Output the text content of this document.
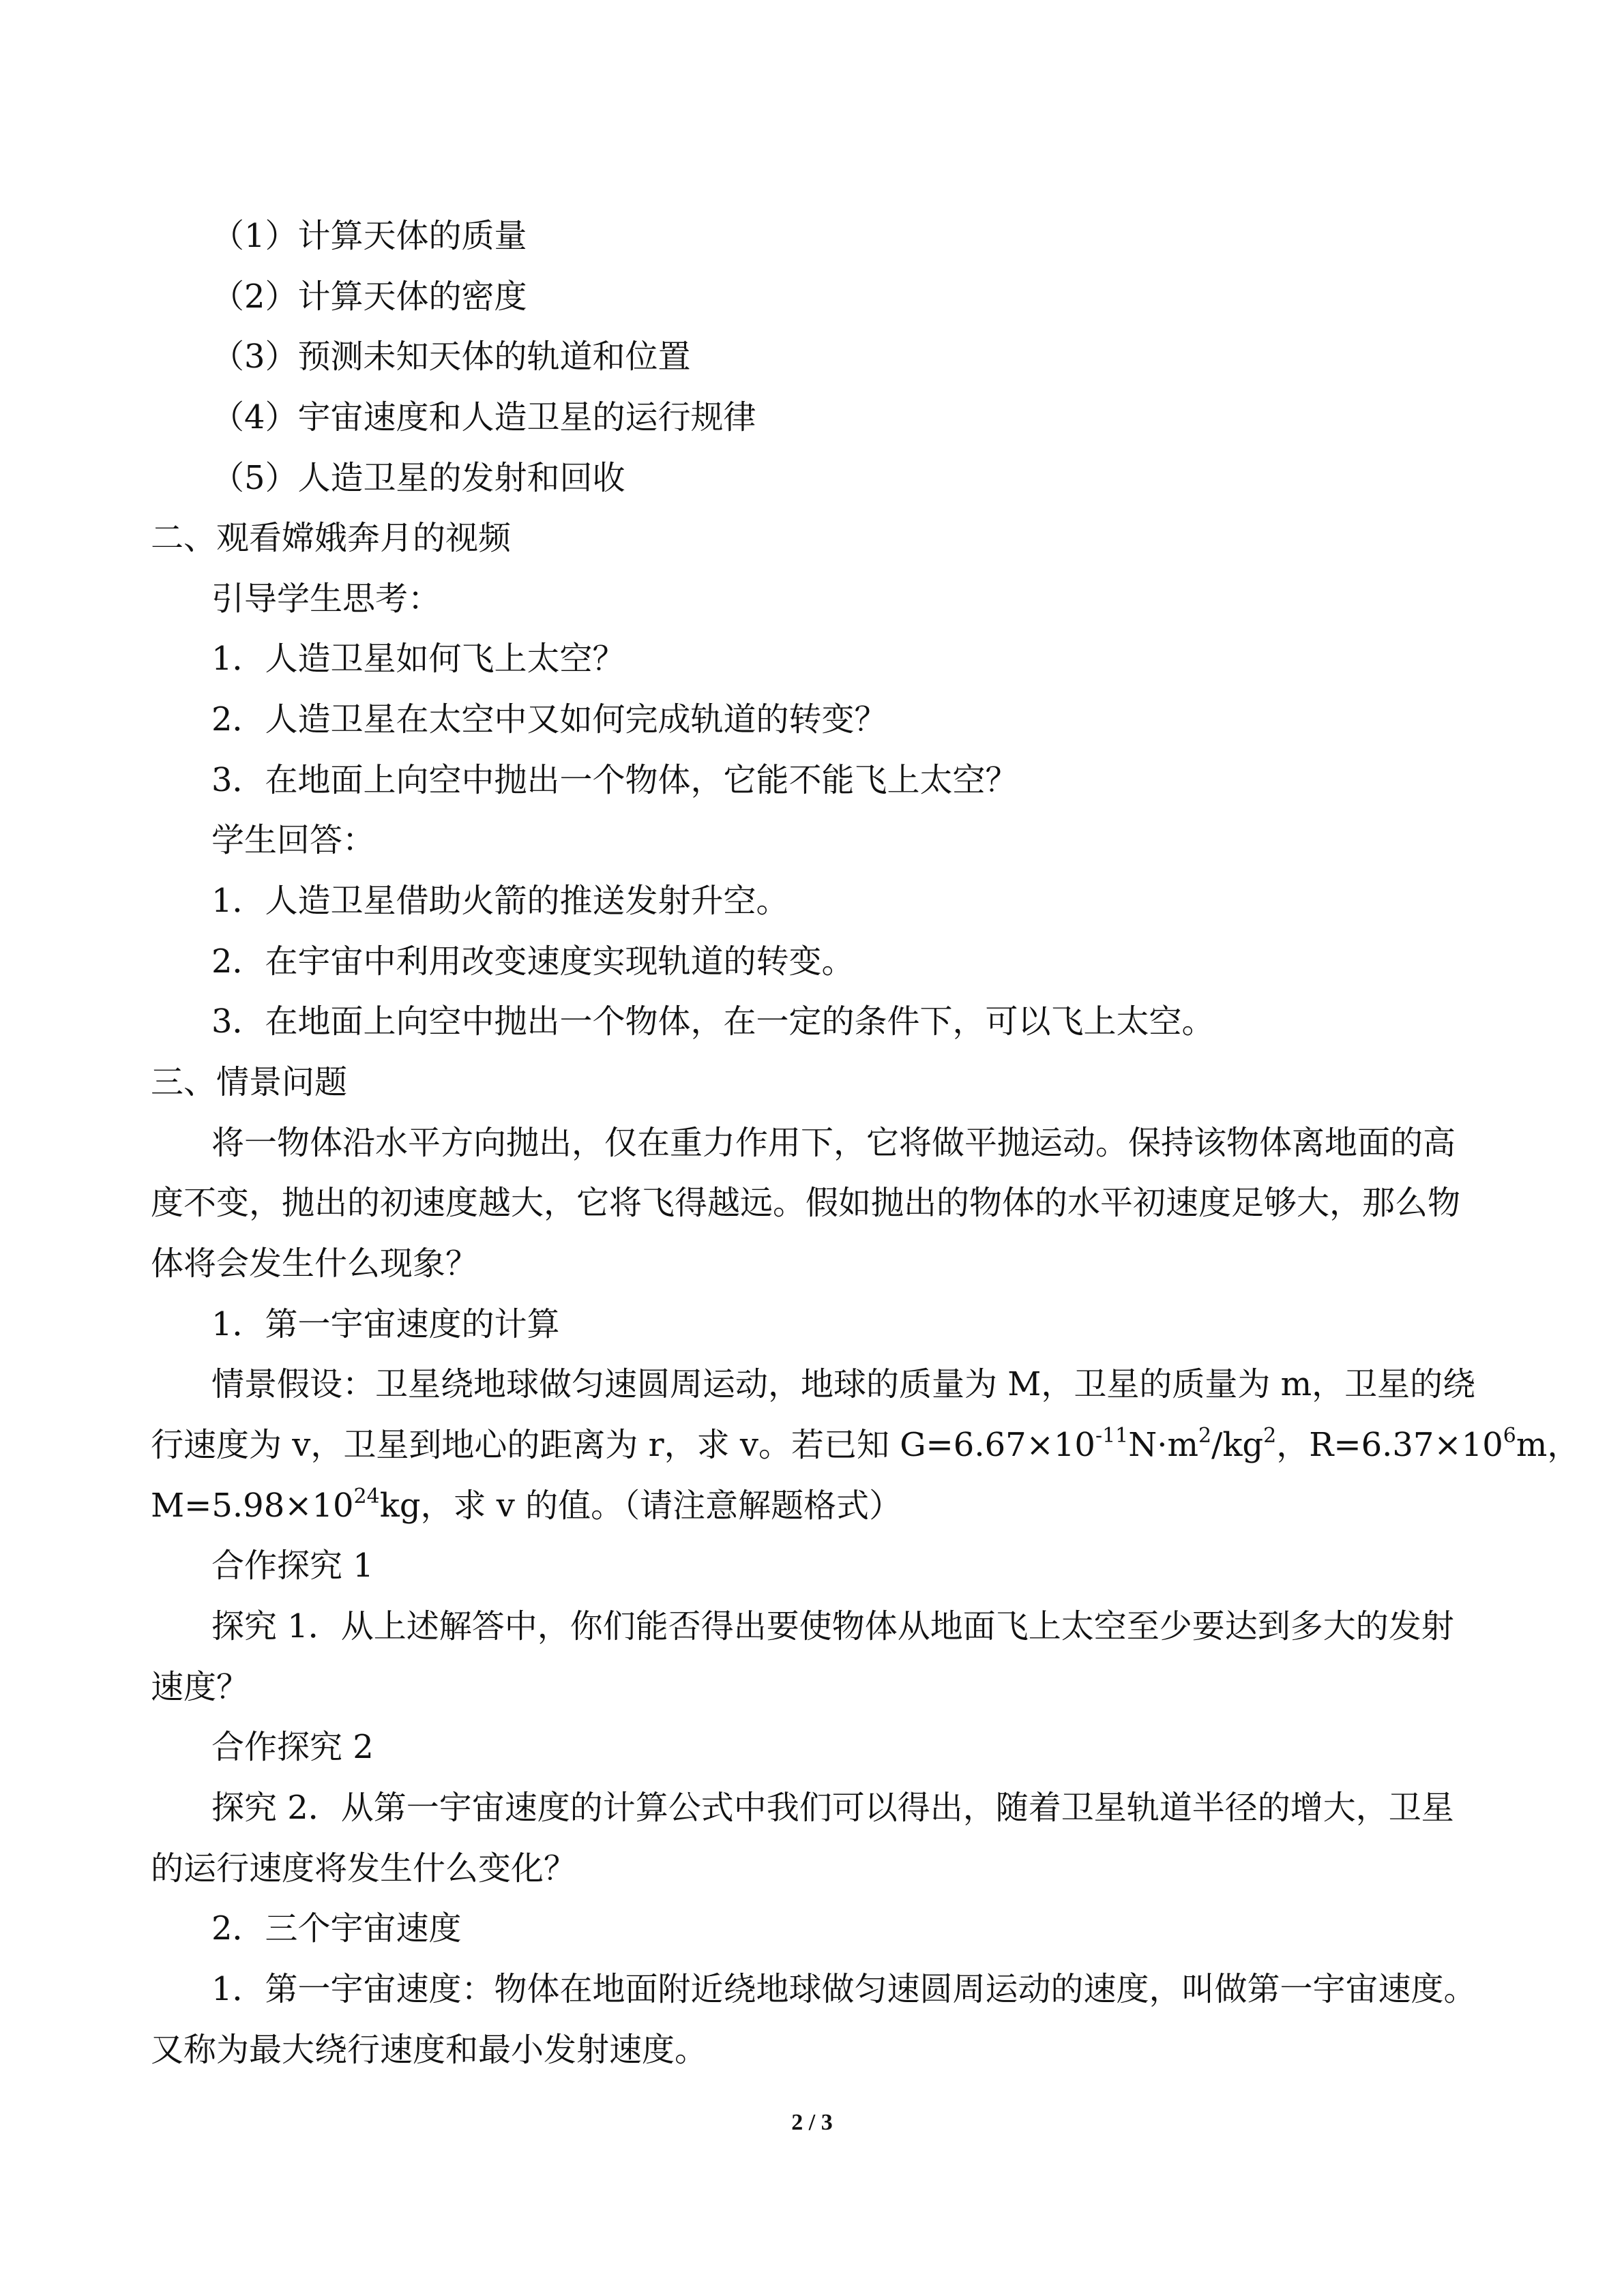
（1）计算天体的质量
（2）计算天体的密度
（3）预测未知天体的轨道和位置
（4）宇宙速度和人造卫星的运行规律
（5）人造卫星的发射和回收
二、观看嫦娥奔月的视频
引导学生思考：
1．人造卫星如何飞上太空？
2．人造卫星在太空中又如何完成轨道的转变？
3．在地面上向空中抛出一个物体，它能不能飞上太空？
学生回答：
1．人造卫星借助火箭的推送发射升空。
2．在宇宙中利用改变速度实现轨道的转变。
3．在地面上向空中抛出一个物体，在一定的条件下，可以飞上太空。
三、情景问题
将一物体沿水平方向抛出，仅在重力作用下，它将做平抛运动。保持该物体离地面的高
度不变，抛出的初速度越大，它将飞得越远。假如抛出的物体的水平初速度足够大，那么物
体将会发生什么现象？
1．第一宇宙速度的计算
情景假设：卫星绕地球做匀速圆周运动，地球的质量为 M，卫星的质量为 m，卫星的绕
行速度为 v，卫星到地心的距离为 r，求 v。若已知 $G=6.67\times 10^{-11}N\cdot m^2/kg^2$，$R=6.37\times 10^6m$，
$M=5.98\times 10^{24}kg$，求 v 的值。（请注意解题格式）
合作探究 1
探究 1．从上述解答中，你们能否得出要使物体从地面飞上太空至少要达到多大的发射
速度？
合作探究 2
探究 2．从第一宇宙速度的计算公式中我们可以得出，随着卫星轨道半径的增大，卫星
的运行速度将发生什么变化？
2．三个宇宙速度
1．第一宇宙速度：物体在地面附近绕地球做匀速圆周运动的速度，叫做第一宇宙速度。
又称为最大绕行速度和最小发射速度。
2 / 3
